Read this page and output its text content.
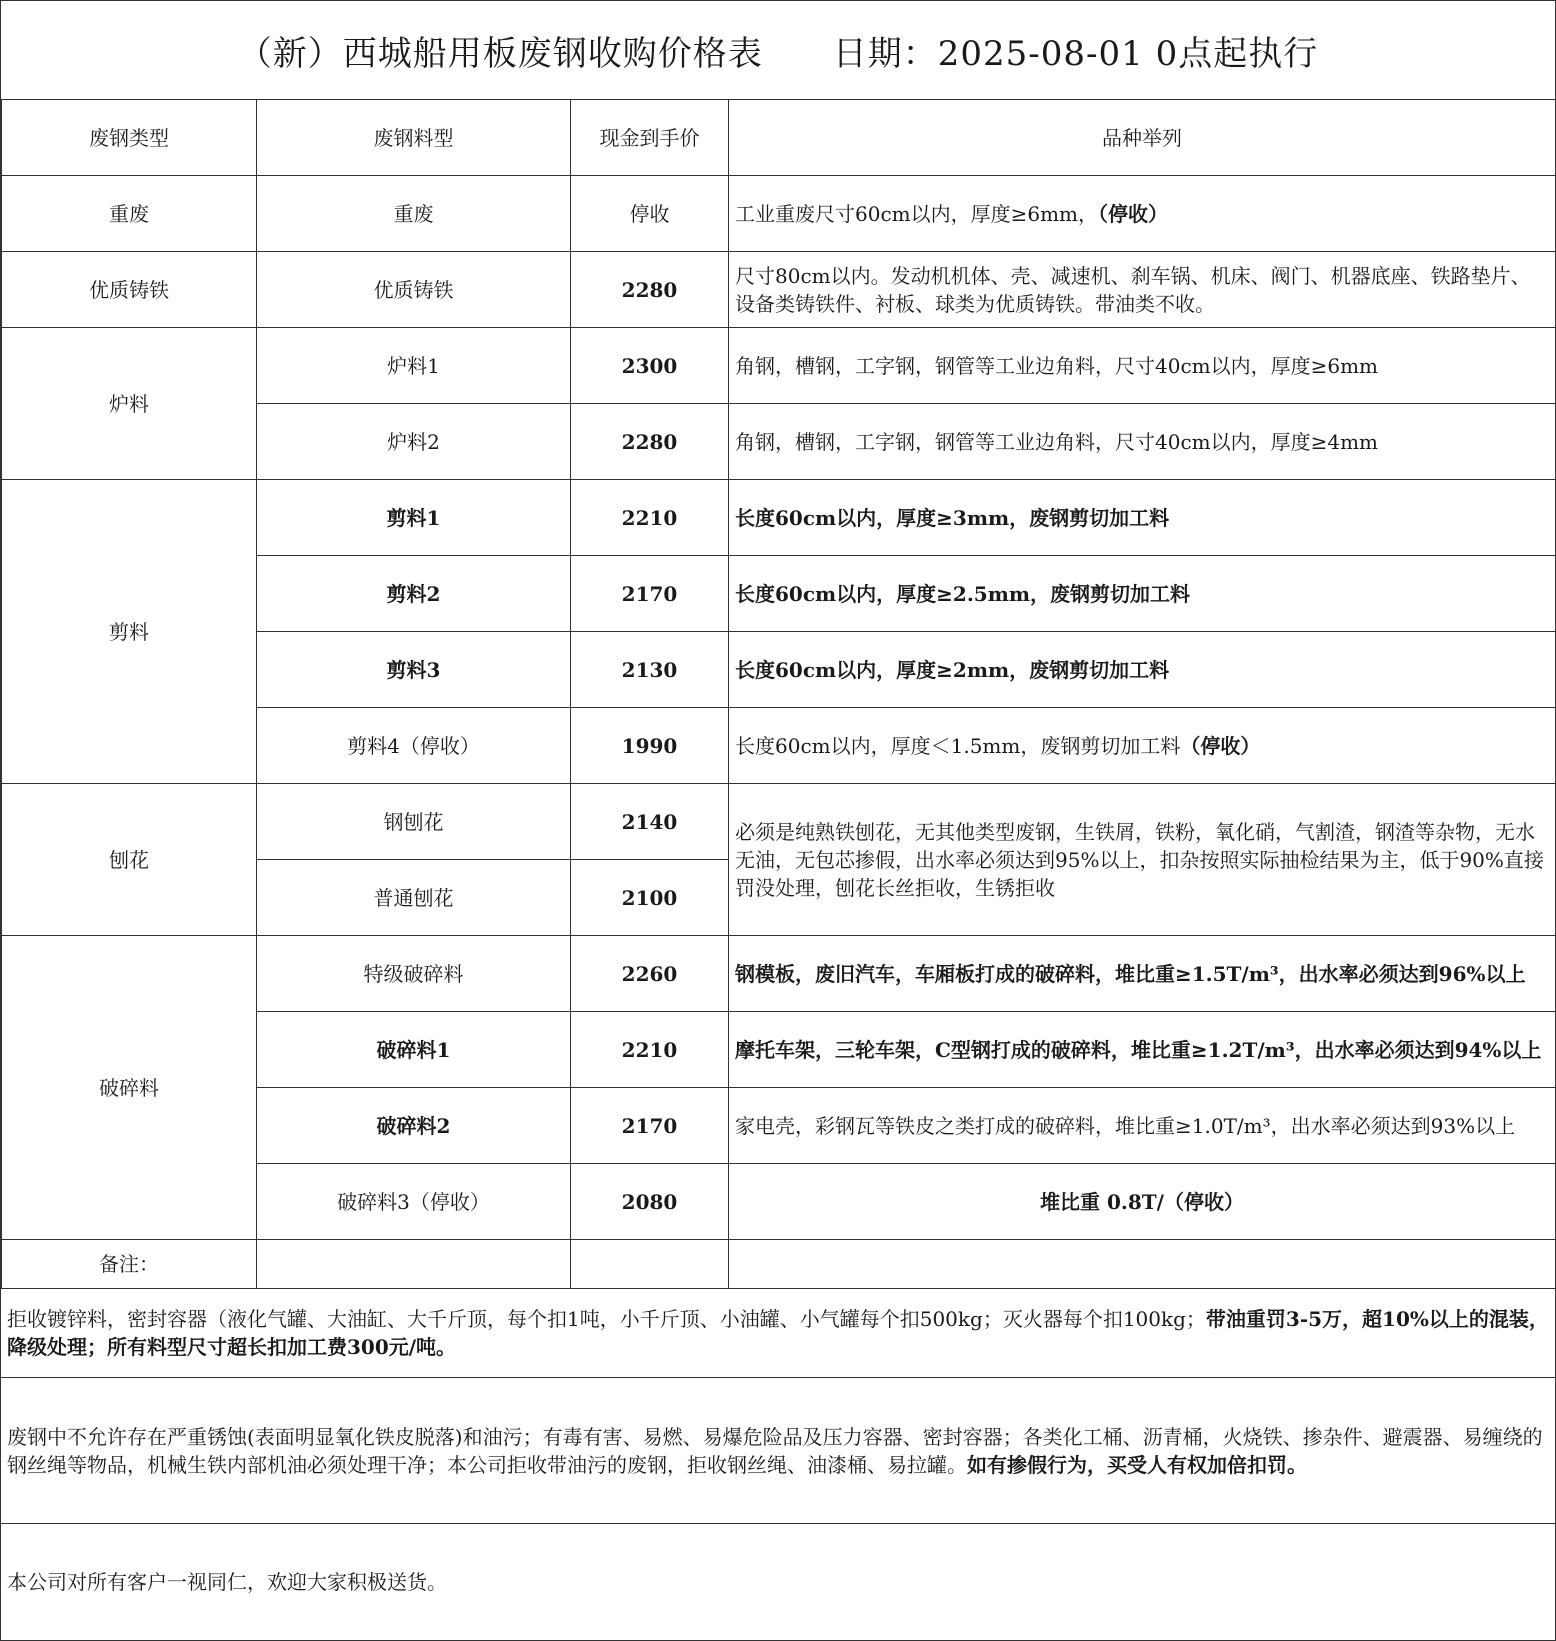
（新）西城船用板废钢收购价格表 日期：2025-08-01 0点起执行
废钢类型	废钢料型	现金到手价	品种举列
重废	重废	停收	工业重废尺寸60cm以内，厚度≥6mm，（停收）
优质铸铁	优质铸铁	2280	尺寸80cm以内。发动机机体、壳、减速机、刹车锅、机床、阀门、机器底座、铁路垫片、设备类铸铁件、衬板、球类为优质铸铁。带油类不收。
炉料	炉料1	2300	角钢，槽钢，工字钢，钢管等工业边角料，尺寸40cm以内，厚度≥6mm
	炉料2	2280	角钢，槽钢，工字钢，钢管等工业边角料，尺寸40cm以内，厚度≥4mm
剪料	剪料1	2210	长度60cm以内，厚度≥3mm，废钢剪切加工料
	剪料2	2170	长度60cm以内，厚度≥2.5mm，废钢剪切加工料
	剪料3	2130	长度60cm以内，厚度≥2mm，废钢剪切加工料
	剪料4（停收）	1990	长度60cm以内，厚度＜1.5mm，废钢剪切加工料（停收）
刨花	钢刨花	2140	必须是纯熟铁刨花，无其他类型废钢，生铁屑，铁粉，氧化硝，气割渣，钢渣等杂物，无水无油，无包芯掺假，出水率必须达到95%以上，扣杂按照实际抽检结果为主，低于90%直接罚没处理，刨花长丝拒收，生锈拒收
	普通刨花	2100	
破碎料	特级破碎料	2260	钢模板，废旧汽车，车厢板打成的破碎料，堆比重≥1.5T/m³，出水率必须达到96%以上
	破碎料1	2210	摩托车架，三轮车架，C型钢打成的破碎料，堆比重≥1.2T/m³，出水率必须达到94%以上
	破碎料2	2170	家电壳，彩钢瓦等铁皮之类打成的破碎料，堆比重≥1.0T/m³，出水率必须达到93%以上
	破碎料3（停收）	2080	堆比重 0.8T/（停收）
备注：			
拒收镀锌料，密封容器（液化气罐、大油缸、大千斤顶，每个扣1吨，小千斤顶、小油罐、小气罐每个扣500kg；灭火器每个扣100kg；带油重罚3-5万，超10%以上的混装，降级处理；所有料型尺寸超长扣加工费300元/吨。
废钢中不允许存在严重锈蚀(表面明显氧化铁皮脱落)和油污；有毒有害、易燃、易爆危险品及压力容器、密封容器；各类化工桶、沥青桶，火烧铁、掺杂件、避震器、易缠绕的钢丝绳等物品，机械生铁内部机油必须处理干净；本公司拒收带油污的废钢，拒收钢丝绳、油漆桶、易拉罐。如有掺假行为，买受人有权加倍扣罚。
本公司对所有客户一视同仁，欢迎大家积极送货。
